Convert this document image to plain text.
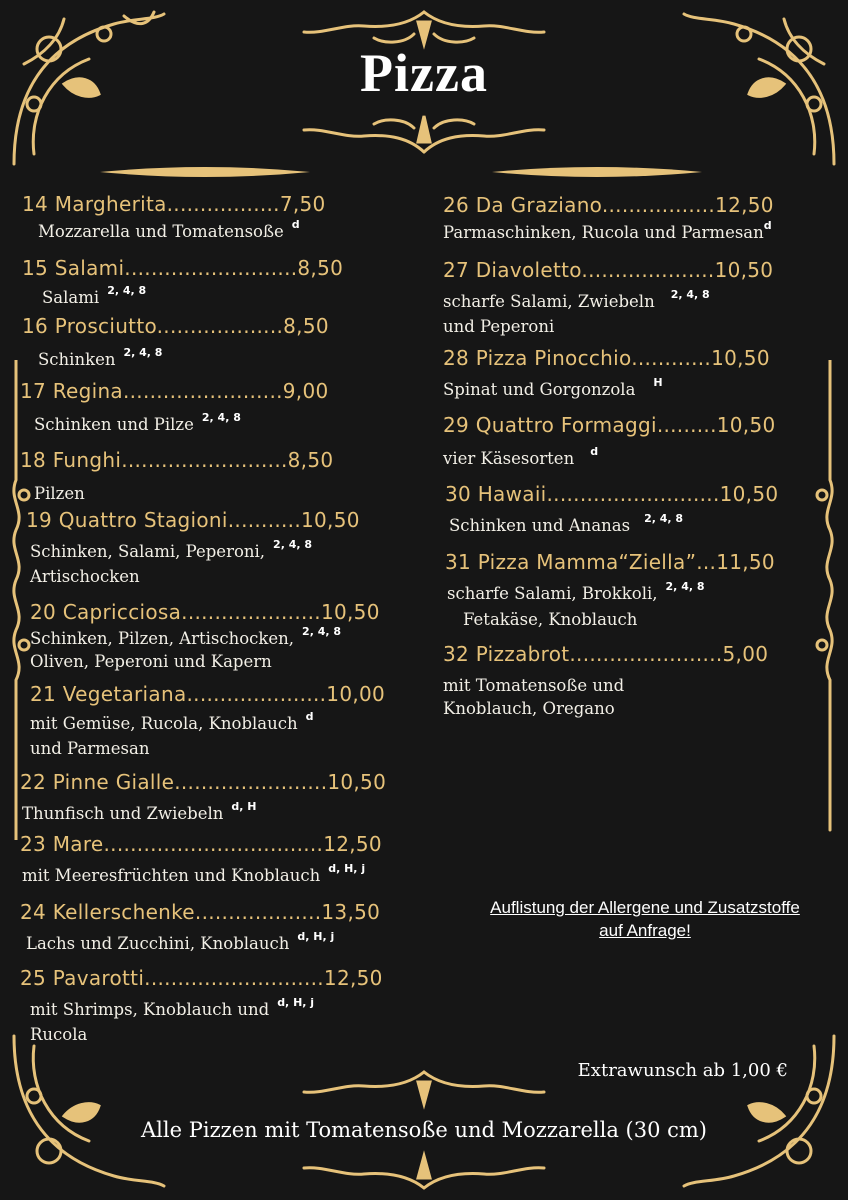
Pizza
14 Margherita.................7,50
Mozzarella und Tomatensoße $^d$
15 Salami..........................8,50
Salami $^{2, 4, 8}$
16 Prosciutto...................8,50
Schinken $^{2, 4, 8}$
17 Regina........................9,00
Schinken und Pilze $^{2, 4, 8}$
18 Funghi.........................8,50
Pilzen
19 Quattro Stagioni...........10,50
Schinken, Salami, Peperoni, $^{2, 4, 8}$
Artischocken
20 Capricciosa.....................10,50
Schinken, Pilzen, Artischocken, $^{2, 4, 8}$
Oliven, Peperoni und Kapern
21 Vegetariana.....................10,00
mit Gemüse, Rucola, Knoblauch $^d$
und Parmesan
22 Pinne Gialle.......................10,50
Thunfisch und Zwiebeln $^{d, H}$
23 Mare.................................12,50
mit Meeresfrüchten und Knoblauch $^{d, H, j}$
24 Kellerschenke...................13,50
Lachs und Zucchini, Knoblauch $^{d, H, j}$
25 Pavarotti...........................12,50
mit Shrimps, Knoblauch und $^{d, H, j}$
Rucola
26 Da Graziano.................12,50
Parmaschinken, Rucola und Parmesan$^d$
27 Diavoletto....................10,50
scharfe Salami, Zwiebeln $^{2, 4, 8}$
und Peperoni
28 Pizza Pinocchio............10,50
Spinat und Gorgonzola $^H$
29 Quattro Formaggi.........10,50
vier Käsesorten $^d$
30 Hawaii..........................10,50
Schinken und Ananas $^{2, 4, 8}$
31 Pizza Mamma“Ziella”...11,50
scharfe Salami, Brokkoli, $^{2, 4, 8}$
Fetakäse, Knoblauch
32 Pizzabrot.......................5,00
mit Tomatensoße und
Knoblauch, Oregano
Auflistung der Allergene und Zusatzstoffe
auf Anfrage!
Extrawunsch ab 1,00 €
Alle Pizzen mit Tomatensoße und Mozzarella (30 cm)
